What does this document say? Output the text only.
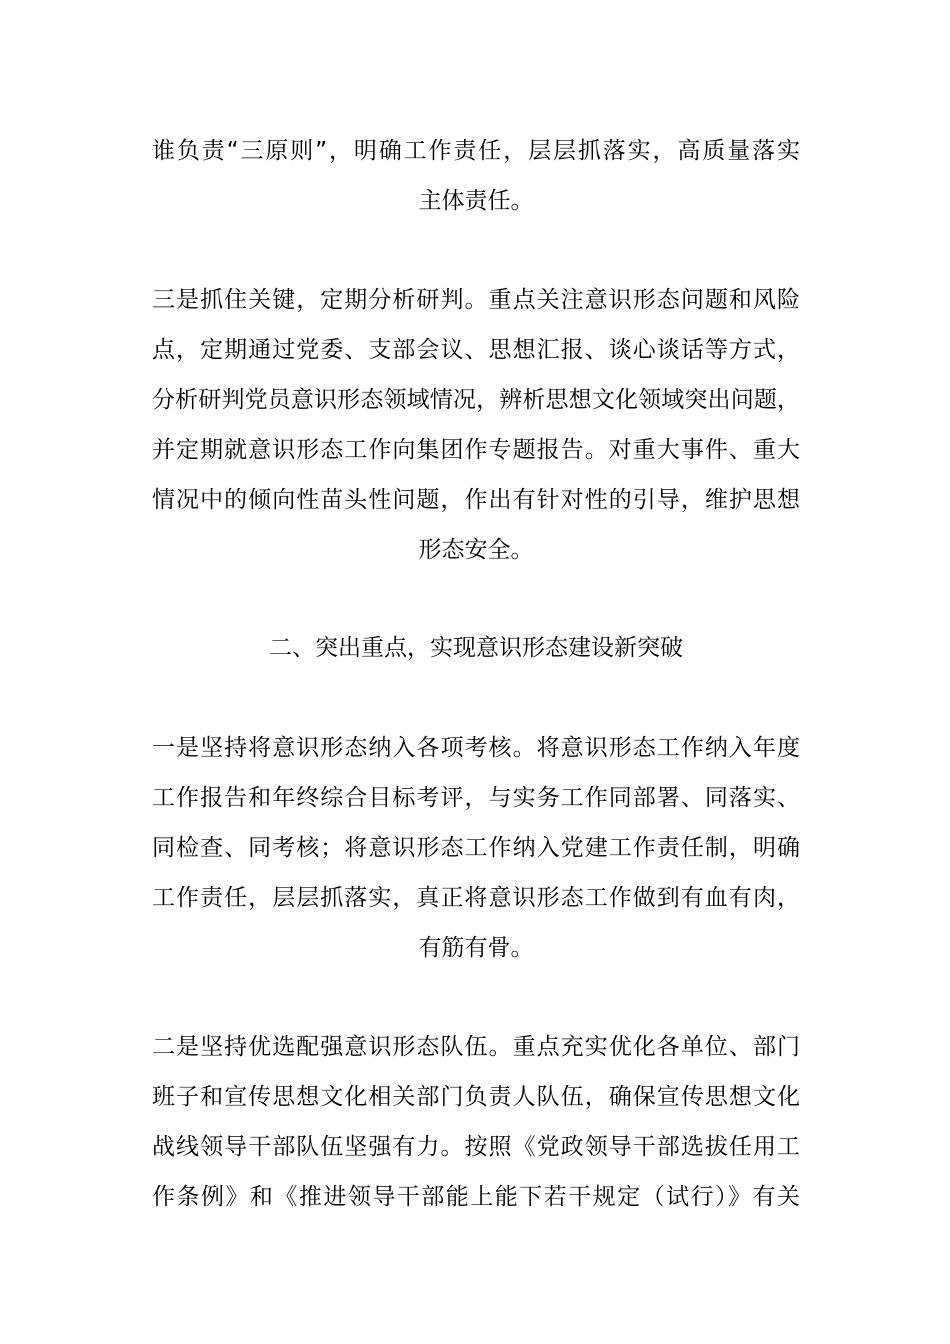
谁负责“三原则”，明确工作责任，层层抓落实，高质量落实
主体责任。
三是抓住关键，定期分析研判。重点关注意识形态问题和风险
点，定期通过党委、支部会议、思想汇报、谈心谈话等方式，
分析研判党员意识形态领域情况，辨析思想文化领域突出问题，
并定期就意识形态工作向集团作专题报告。对重大事件、重大
情况中的倾向性苗头性问题，作出有针对性的引导，维护思想
形态安全。
二、突出重点，实现意识形态建设新突破
一是坚持将意识形态纳入各项考核。将意识形态工作纳入年度
工作报告和年终综合目标考评，与实务工作同部署、同落实、
同检查、同考核；将意识形态工作纳入党建工作责任制，明确
工作责任，层层抓落实，真正将意识形态工作做到有血有肉，
有筋有骨。
二是坚持优选配强意识形态队伍。重点充实优化各单位、部门
班子和宣传思想文化相关部门负责人队伍，确保宣传思想文化
战线领导干部队伍坚强有力。按照《党政领导干部选拔任用工
作条例》和《推进领导干部能上能下若干规定（试行）》有关
